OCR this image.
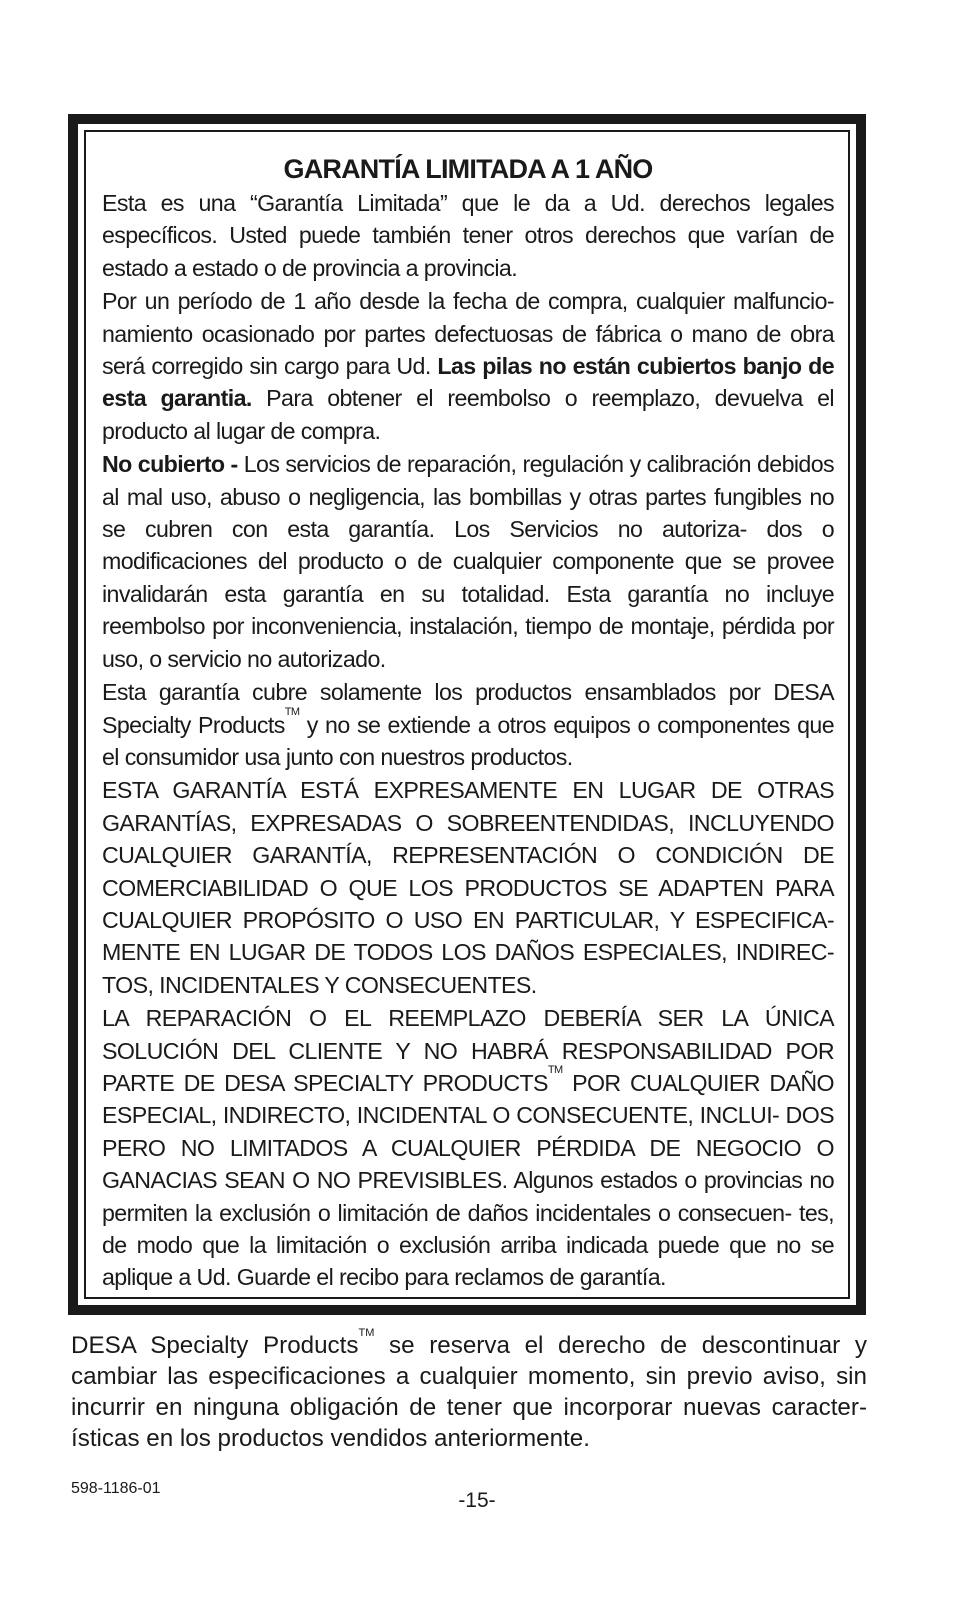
GARANTÍA LIMITADA A 1 AÑO
Esta es una “Garantía Limitada” que le da a Ud. derechos legales específicos. Usted puede también tener otros derechos que varían de estado a estado o de provincia a provincia.
Por un período de 1 año desde la fecha de compra, cualquier malfuncio- namiento ocasionado por partes defectuosas de fábrica o mano de obra será corregido sin cargo para Ud. Las pilas no están cubiertos banjo de esta garantia. Para obtener el reembolso o reemplazo, devuelva el producto al lugar de compra.
No cubierto - Los servicios de reparación, regulación y calibración debidos al mal uso, abuso o negligencia, las bombillas y otras partes fungibles no se cubren con esta garantía. Los Servicios no autoriza- dos o modificaciones del producto o de cualquier componente que se provee invalidarán esta garantía en su totalidad. Esta garantía no incluye reembolso por inconveniencia, instalación, tiempo de montaje, pérdida por uso, o servicio no autorizado.
Esta garantía cubre solamente los productos ensamblados por DESA Specialty Products™ y no se extiende a otros equipos o componentes que el consumidor usa junto con nuestros productos.
ESTA GARANTÍA ESTÁ EXPRESAMENTE EN LUGAR DE OTRAS GARANTÍAS, EXPRESADAS O SOBREENTENDIDAS, INCLUYENDO CUALQUIER GARANTÍA, REPRESENTACIÓN O CONDICIÓN DE COMERCIABILIDAD O QUE LOS PRODUCTOS SE ADAPTEN PARA CUALQUIER PROPÓSITO O USO EN PARTICULAR, Y ESPECIFICA- MENTE EN LUGAR DE TODOS LOS DAÑOS ESPECIALES, INDIREC- TOS, INCIDENTALES Y CONSECUENTES.
LA REPARACIÓN O EL REEMPLAZO DEBERÍA SER LA ÚNICA SOLUCIÓN DEL CLIENTE Y NO HABRÁ RESPONSABILIDAD POR PARTE DE DESA SPECIALTY PRODUCTS™ POR CUALQUIER DAÑO ESPECIAL, INDIRECTO, INCIDENTAL O CONSECUENTE, INCLUI- DOS PERO NO LIMITADOS A CUALQUIER PÉRDIDA DE NEGOCIO O GANACIAS SEAN O NO PREVISIBLES. Algunos estados o provincias no permiten la exclusión o limitación de daños incidentales o consecuen- tes, de modo que la limitación o exclusión arriba indicada puede que no se aplique a Ud. Guarde el recibo para reclamos de garantía.
DESA Specialty Products™ se reserva el derecho de descontinuar y cambiar las especificaciones a cualquier momento, sin previo aviso, sin incurrir en ninguna obligación de tener que incorporar nuevas caracter- ísticas en los productos vendidos anteriormente.
598-1186-01
-15-
